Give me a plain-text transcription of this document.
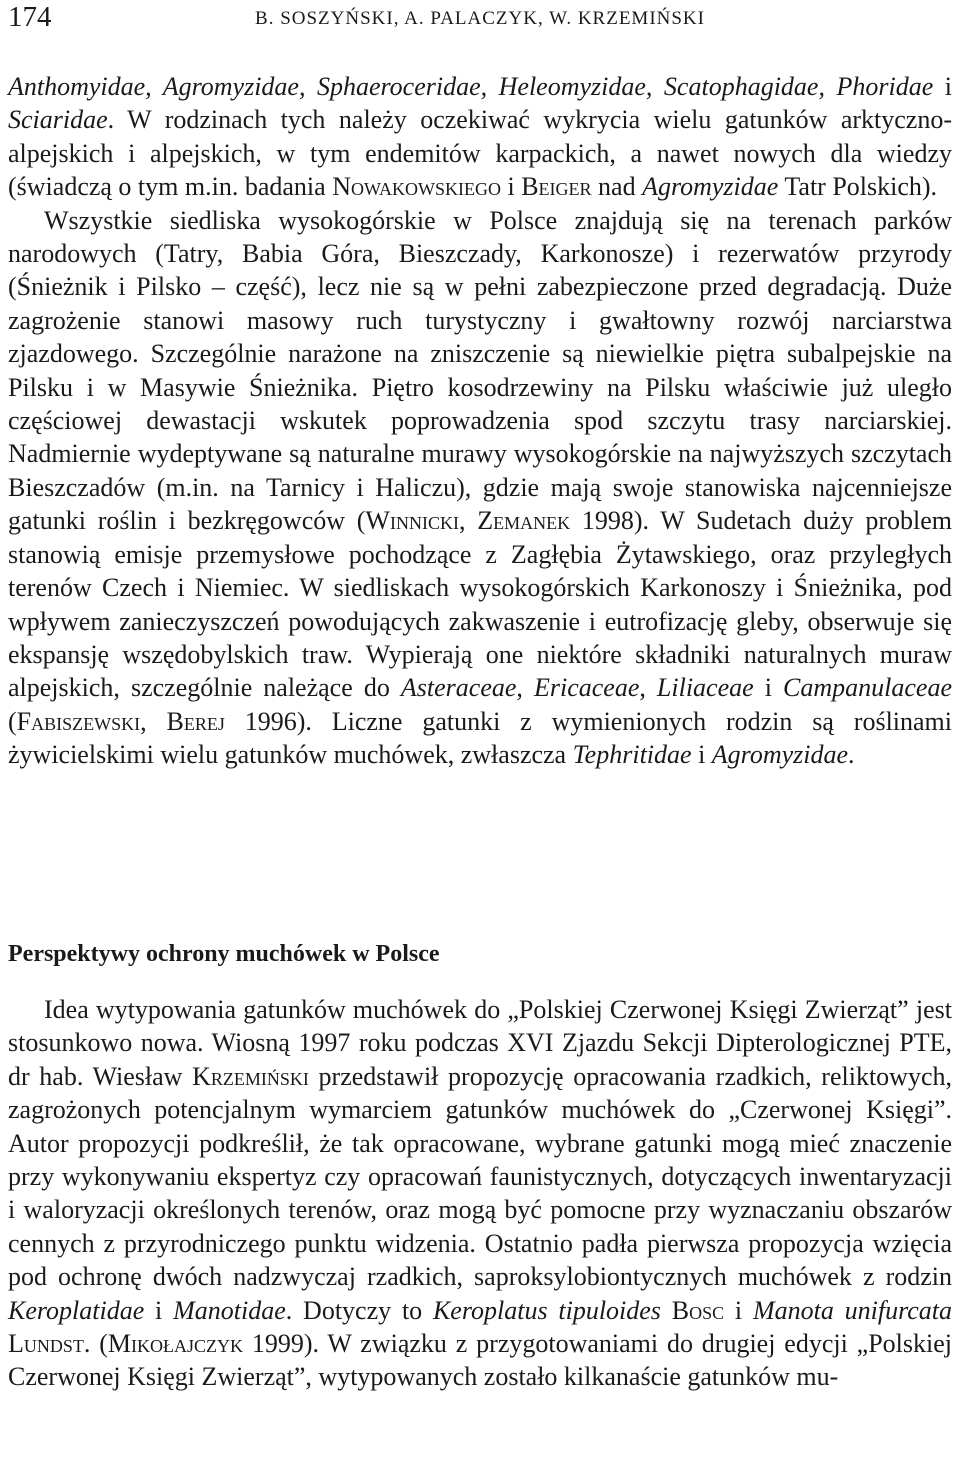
174	B. SOSZYŃSKI, A. PALACZYK, W. KRZEMIŃSKI

Anthomyidae, Agromyzidae, Sphaeroceridae, Heleomyzidae, Scatophagidae, Phoridae i Sciaridae. W rodzinach tych należy oczekiwać wykrycia wielu gatunków arktyczno-alpejskich i alpejskich, w tym endemitów karpackich, a nawet nowych dla wiedzy (świadczą o tym m.in. badania Nowakowskiego i Beiger nad Agromyzidae Tatr Polskich).

Wszystkie siedliska wysokogórskie w Polsce znajdują się na terenach parków narodowych (Tatry, Babia Góra, Bieszczady, Karkonosze) i rezerwatów przyrody (Śnieżnik i Pilsko – część), lecz nie są w pełni zabezpieczone przed degradacją. Duże zagrożenie stanowi masowy ruch turystyczny i gwałtowny rozwój narciarstwa zjazdowego. Szczególnie narażone na zniszczenie są niewielkie piętra subalpejskie na Pilsku i w Masywie Śnieżnika. Piętro kosodrzewiny na Pilsku właściwie już uległo częściowej dewastacji wskutek poprowadzenia spod szczytu trasy narciarskiej. Nadmiernie wydeptywane są naturalne murawy wysokogórskie na najwyższych szczytach Bieszczadów (m.in. na Tarnicy i Haliczu), gdzie mają swoje stanowiska najcenniejsze gatunki roślin i bezkręgowców (Winnicki, Zemanek 1998). W Sudetach duży problem stanowią emisje przemysłowe pochodzące z Zagłębia Żytawskiego, oraz przyległych terenów Czech i Niemiec. W siedliskach wysokogórskich Karkonoszy i Śnieżnika, pod wpływem zanieczyszczeń powodujących zakwaszenie i eutrofizację gleby, obserwuje się ekspansję wszędobylskich traw. Wypierają one niektóre składniki naturalnych muraw alpejskich, szczególnie należące do Asteraceae, Ericaceae, Liliaceae i Campanulaceae (Fabiszewski, Berej 1996). Liczne gatunki z wymienionych rodzin są roślinami żywicielskimi wielu gatunków muchówek, zwłaszcza Tephritidae i Agromyzidae.

Perspektywy ochrony muchówek w Polsce

Idea wytypowania gatunków muchówek do „Polskiej Czerwonej Księgi Zwierząt” jest stosunkowo nowa. Wiosną 1997 roku podczas XVI Zjazdu Sekcji Dipterologicznej PTE, dr hab. Wiesław Krzemiński przedstawił propozycję opracowania rzadkich, reliktowych, zagrożonych potencjalnym wymarciem gatunków muchówek do „Czerwonej Księgi”. Autor propozycji podkreślił, że tak opracowane, wybrane gatunki mogą mieć znaczenie przy wykonywaniu ekspertyz czy opracowań faunistycznych, dotyczących inwentaryzacji i waloryzacji określonych terenów, oraz mogą być pomocne przy wyznaczaniu obszarów cennych z przyrodniczego punktu widzenia. Ostatnio padła pierwsza propozycja wzięcia pod ochronę dwóch nadzwyczaj rzadkich, saproksylobiontycznych muchówek z rodzin Keroplatidae i Manotidae. Dotyczy to Keroplatus tipuloides Bosc i Manota unifurcata Lundst. (Mikołajczyk 1999). W związku z przygotowaniami do drugiej edycji „Polskiej Czerwonej Księgi Zwierząt”, wytypowanych zostało kilkanaście gatunków mu-
